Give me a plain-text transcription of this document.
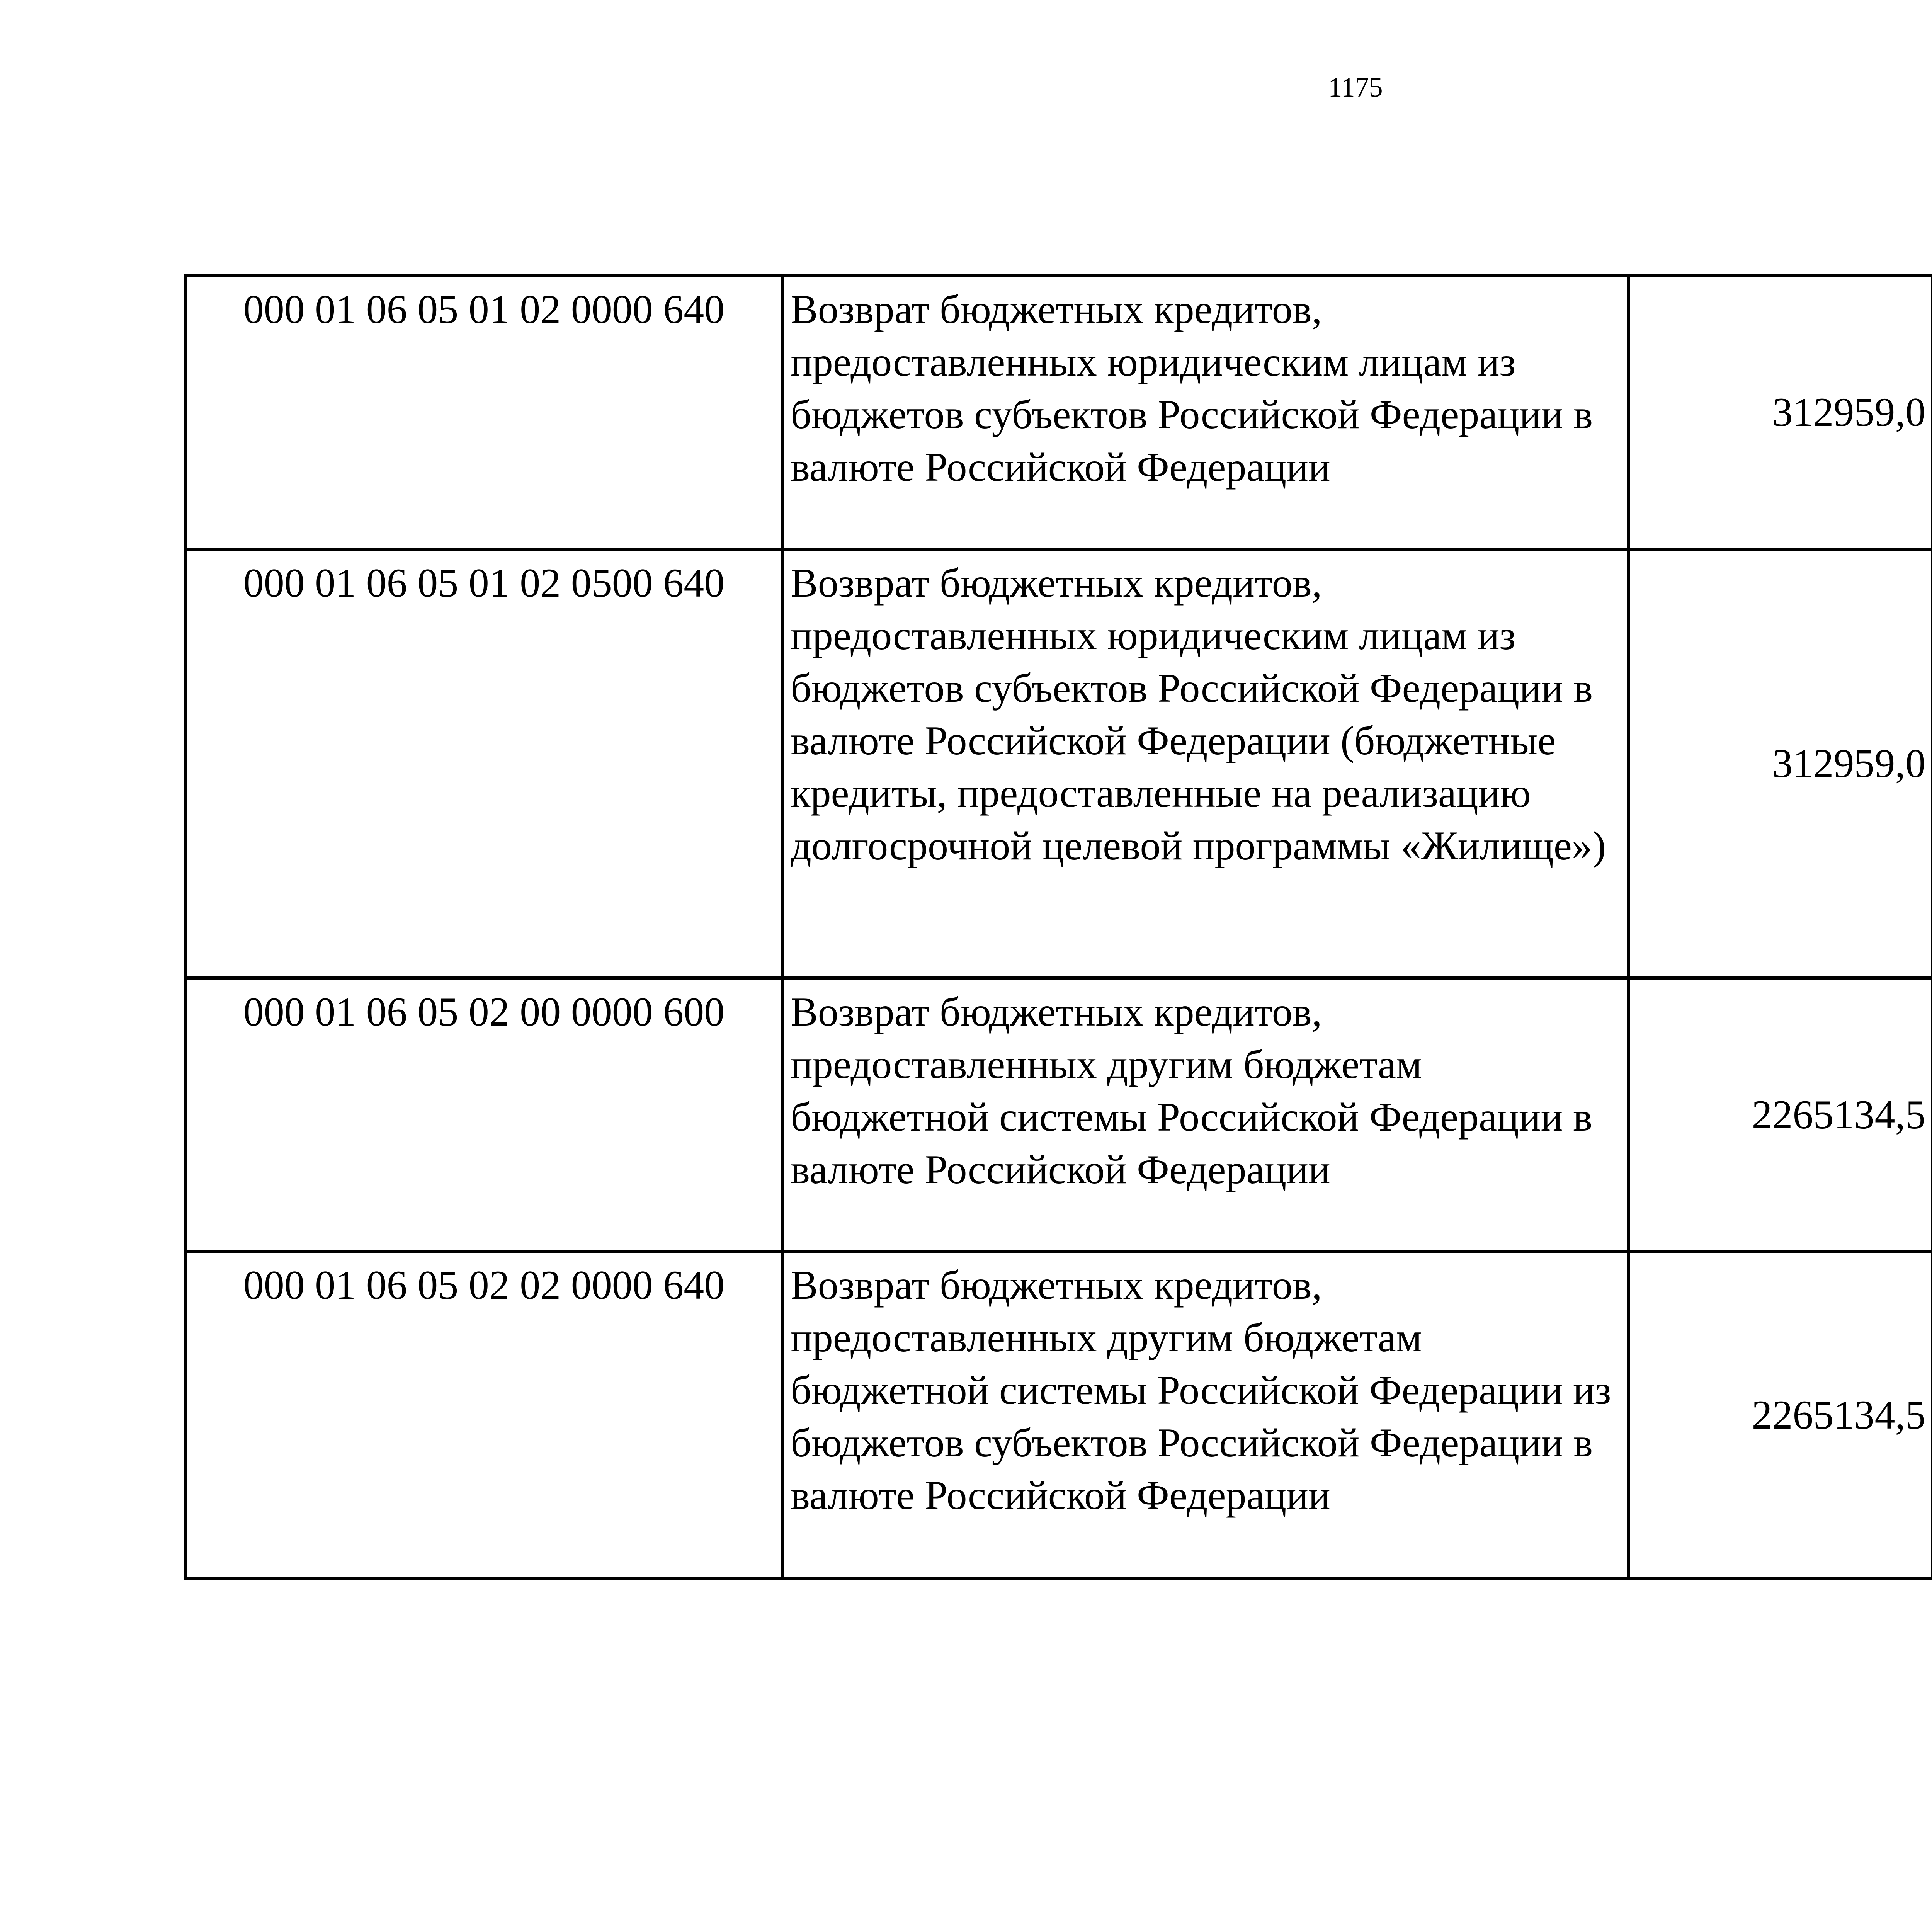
1175
000 01 06 05 01 02 0000 640	Возврат бюджетных кредитов, предоставленных юридическим лицам из бюджетов субъектов Российской Федерации в валюте Российской Федерации	312959,0

000 01 06 05 01 02 0500 640	Возврат бюджетных кредитов, предоставленных юридическим лицам из бюджетов субъектов Российской Федерации в валюте Российской Федерации (бюджетные кредиты, предоставленные на реализацию долгосрочной целевой программы «Жилище»)	312959,0

000 01 06 05 02 00 0000 600	Возврат бюджетных кредитов, предоставленных другим бюджетам бюджетной системы Российской Федерации в валюте Российской Федерации	2265134,5

000 01 06 05 02 02 0000 640	Возврат бюджетных кредитов, предоставленных другим бюджетам бюджетной системы Российской Федерации из бюджетов субъектов Российской Федерации в валюте Российской Федерации	2265134,5
